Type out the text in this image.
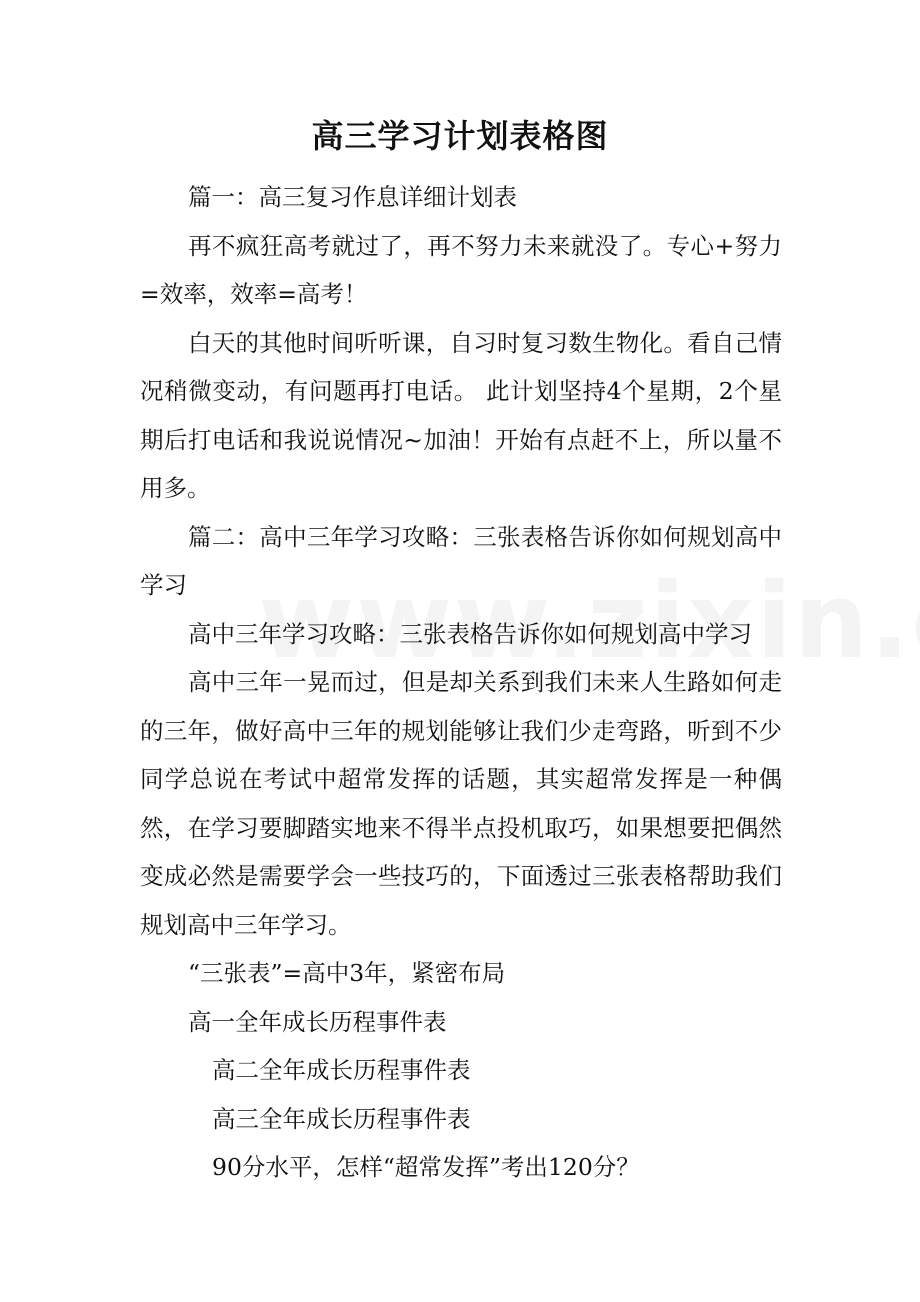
高三学习计划表格图

篇一：高三复习作息详细计划表

再不疯狂高考就过了，再不努力未来就没了。专心+努力=效率，效率=高考！

白天的其他时间听听课，自习时复习数生物化。看自己情况稍微变动，有问题再打电话。 此计划坚持4个星期，2个星期后打电话和我说说情况~加油！开始有点赶不上，所以量不用多。

篇二：高中三年学习攻略：三张表格告诉你如何规划高中学习

高中三年学习攻略：三张表格告诉你如何规划高中学习

高中三年一晃而过，但是却关系到我们未来人生路如何走的三年，做好高中三年的规划能够让我们少走弯路，听到不少同学总说在考试中超常发挥的话题，其实超常发挥是一种偶然，在学习要脚踏实地来不得半点投机取巧，如果想要把偶然变成必然是需要学会一些技巧的，下面透过三张表格帮助我们规划高中三年学习。

“三张表”=高中3年，紧密布局

高一全年成长历程事件表

高二全年成长历程事件表

高三全年成长历程事件表

90分水平，怎样“超常发挥”考出120分？
